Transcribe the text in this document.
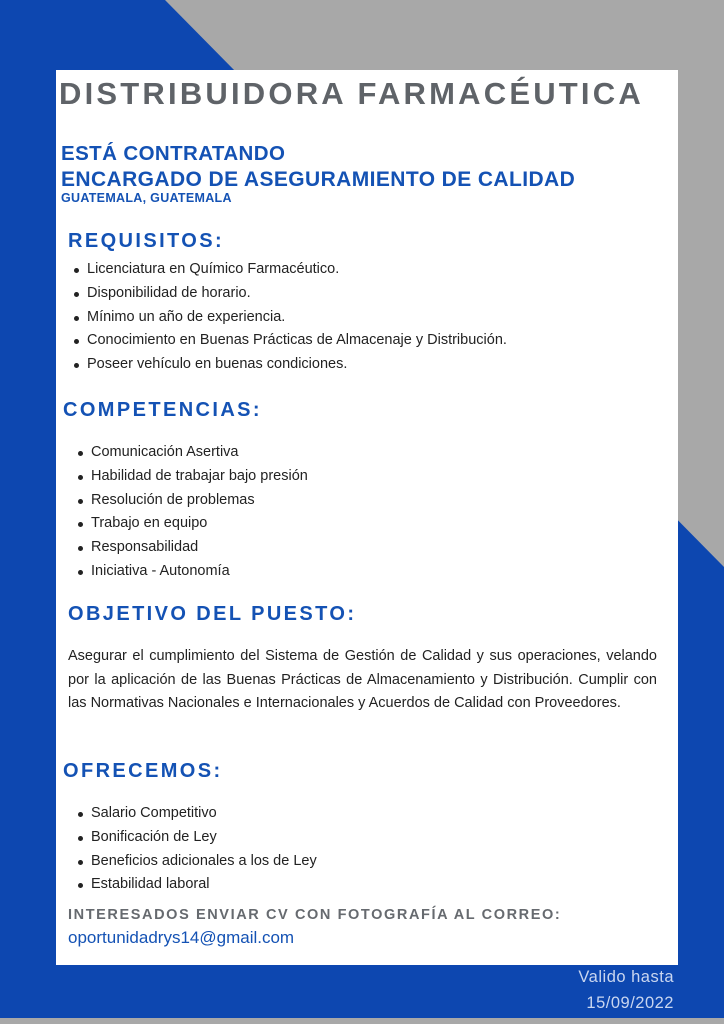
DISTRIBUIDORA FARMACÉUTICA
ESTÁ CONTRATANDO
ENCARGADO DE ASEGURAMIENTO DE CALIDAD
GUATEMALA, GUATEMALA
REQUISITOS:
Licenciatura en Químico Farmacéutico.
Disponibilidad de horario.
Mínimo un año de experiencia.
Conocimiento en Buenas Prácticas de Almacenaje y Distribución.
Poseer vehículo en buenas condiciones.
COMPETENCIAS:
Comunicación Asertiva
Habilidad de trabajar bajo presión
Resolución de problemas
Trabajo en equipo
Responsabilidad
Iniciativa - Autonomía
OBJETIVO DEL PUESTO:

Asegurar el cumplimiento del Sistema de Gestión de Calidad y sus operaciones, velando por la aplicación de las Buenas Prácticas de Almacenamiento y Distribución. Cumplir con las Normativas Nacionales e Internacionales y Acuerdos de Calidad con Proveedores.

OFRECEMOS:
Salario Competitivo
Bonificación de Ley
Beneficios adicionales a los de Ley
Estabilidad laboral
INTERESADOS ENVIAR CV CON FOTOGRAFÍA AL CORREO:
oportunidadrys14@gmail.com
Valido hasta
15/09/2022
